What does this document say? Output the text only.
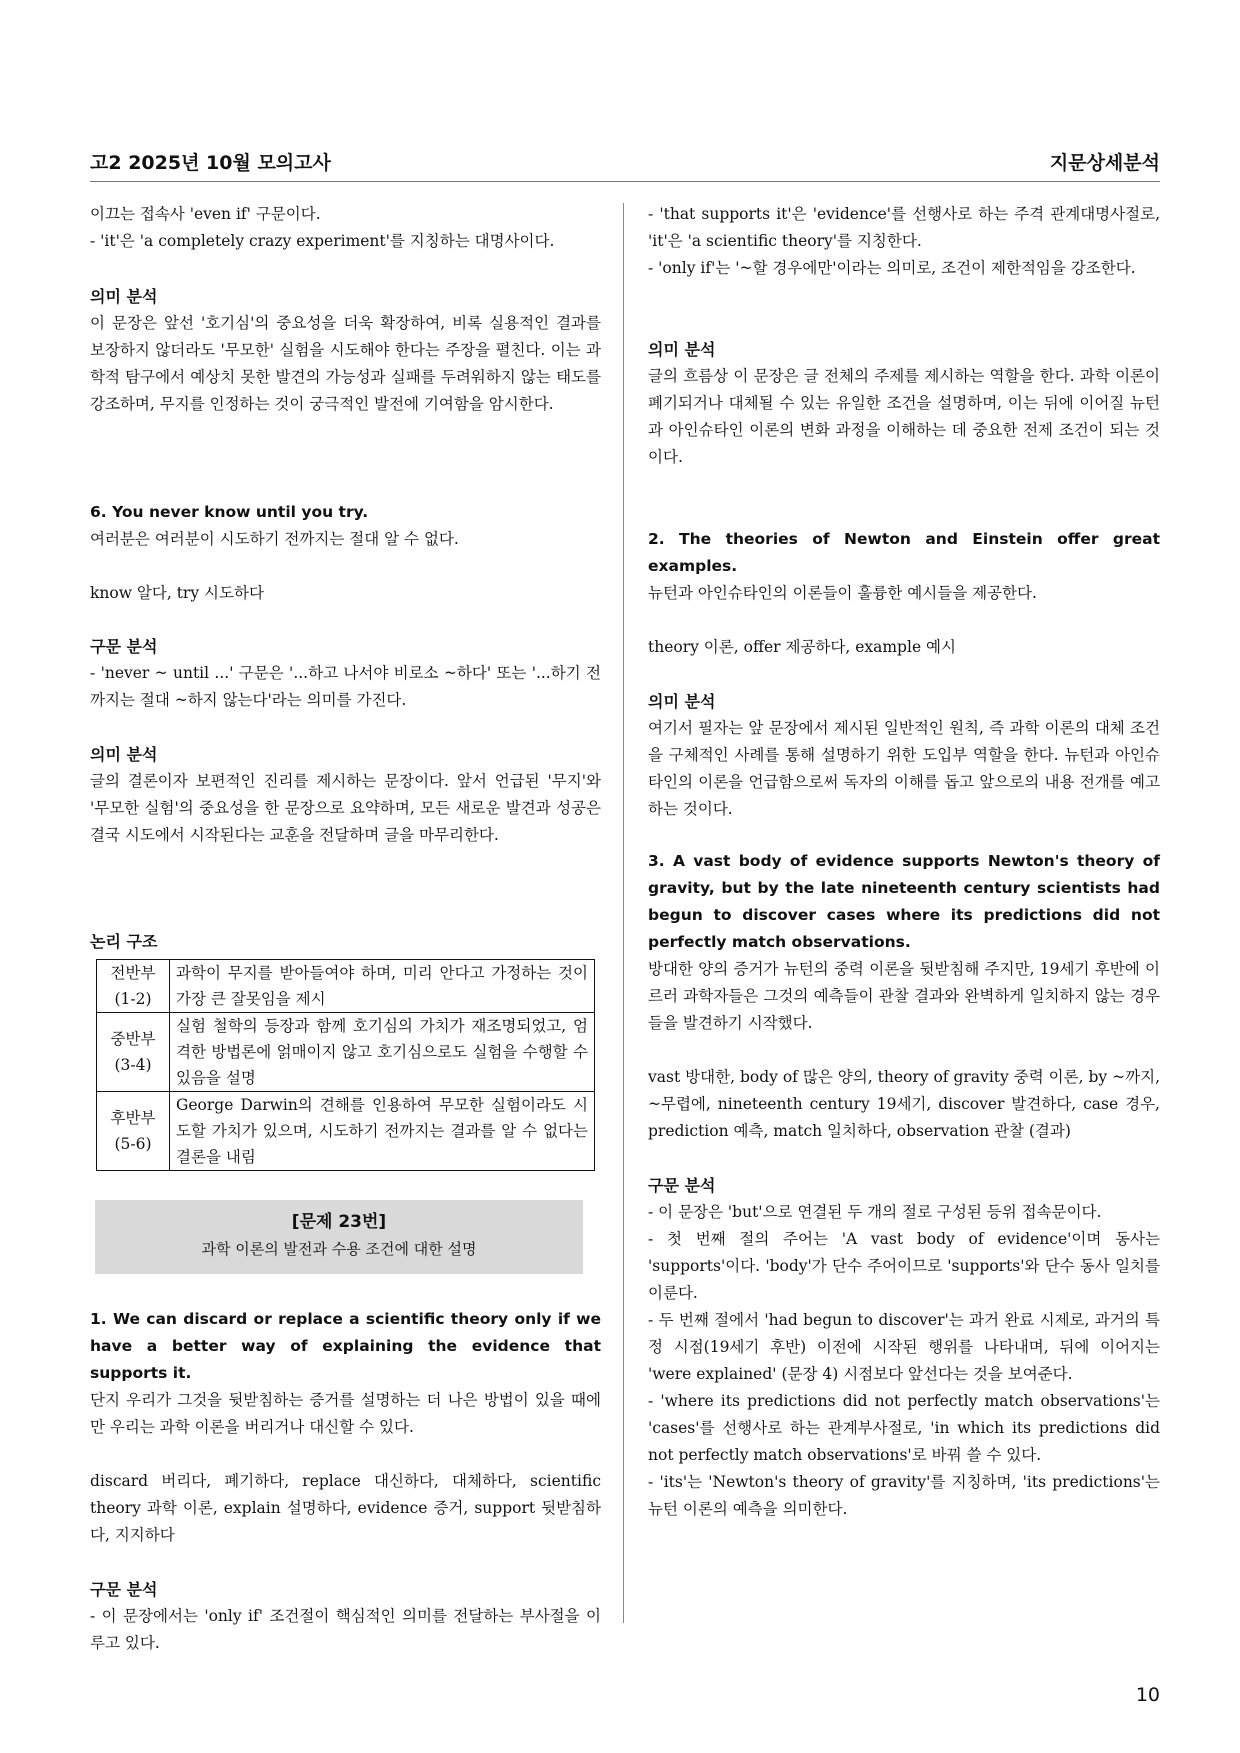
고2 2025년 10월 모의고사	지문상세분석
이끄는 접속사 'even if' 구문이다.
- 'it'은 'a completely crazy experiment'를 지칭하는 대명사이다.
의미 분석
이 문장은 앞선 '호기심'의 중요성을 더욱 확장하여, 비록 실용적인 결과를 보장하지 않더라도 '무모한' 실험을 시도해야 한다는 주장을 펼친다. 이는 과학적 탐구에서 예상치 못한 발견의 가능성과 실패를 두려워하지 않는 태도를 강조하며, 무지를 인정하는 것이 궁극적인 발전에 기여함을 암시한다.
6. You never know until you try.
여러분은 여러분이 시도하기 전까지는 절대 알 수 없다.
know 알다, try 시도하다
구문 분석
- 'never ~ until ...' 구문은 '...하고 나서야 비로소 ~하다' 또는 '...하기 전까지는 절대 ~하지 않는다'라는 의미를 가진다.
의미 분석
글의 결론이자 보편적인 진리를 제시하는 문장이다. 앞서 언급된 '무지'와 '무모한 실험'의 중요성을 한 문장으로 요약하며, 모든 새로운 발견과 성공은 결국 시도에서 시작된다는 교훈을 전달하며 글을 마무리한다.
논리 구조
전반부
(1-2)	과학이 무지를 받아들여야 하며, 미리 안다고 가정하는 것이 가장 큰 잘못임을 제시
중반부
(3-4)	실험 철학의 등장과 함께 호기심의 가치가 재조명되었고, 엄격한 방법론에 얽매이지 않고 호기심으로도 실험을 수행할 수 있음을 설명
후반부
(5-6)	George Darwin의 견해를 인용하여 무모한 실험이라도 시도할 가치가 있으며, 시도하기 전까지는 결과를 알 수 없다는 결론을 내림
[문제 23번]
과학 이론의 발전과 수용 조건에 대한 설명
1. We can discard or replace a scientific theory only if we have a better way of explaining the evidence that supports it.
단지 우리가 그것을 뒷받침하는 증거를 설명하는 더 나은 방법이 있을 때에만 우리는 과학 이론을 버리거나 대신할 수 있다.
discard 버리다, 폐기하다, replace 대신하다, 대체하다, scientific theory 과학 이론, explain 설명하다, evidence 증거, support 뒷받침하다, 지지하다
구문 분석
- 이 문장에서는 'only if' 조건절이 핵심적인 의미를 전달하는 부사절을 이루고 있다.
- 'that supports it'은 'evidence'를 선행사로 하는 주격 관계대명사절로, 'it'은 'a scientific theory'를 지칭한다.
- 'only if'는 '~할 경우에만'이라는 의미로, 조건이 제한적임을 강조한다.
의미 분석
글의 흐름상 이 문장은 글 전체의 주제를 제시하는 역할을 한다. 과학 이론이 폐기되거나 대체될 수 있는 유일한 조건을 설명하며, 이는 뒤에 이어질 뉴턴과 아인슈타인 이론의 변화 과정을 이해하는 데 중요한 전제 조건이 되는 것이다.
2. The theories of Newton and Einstein offer great examples.
뉴턴과 아인슈타인의 이론들이 훌륭한 예시들을 제공한다.
theory 이론, offer 제공하다, example 예시
의미 분석
여기서 필자는 앞 문장에서 제시된 일반적인 원칙, 즉 과학 이론의 대체 조건을 구체적인 사례를 통해 설명하기 위한 도입부 역할을 한다. 뉴턴과 아인슈타인의 이론을 언급함으로써 독자의 이해를 돕고 앞으로의 내용 전개를 예고하는 것이다.
3. A vast body of evidence supports Newton's theory of gravity, but by the late nineteenth century scientists had begun to discover cases where its predictions did not perfectly match observations.
방대한 양의 증거가 뉴턴의 중력 이론을 뒷받침해 주지만, 19세기 후반에 이르러 과학자들은 그것의 예측들이 관찰 결과와 완벽하게 일치하지 않는 경우들을 발견하기 시작했다.
vast 방대한, body of 많은 양의, theory of gravity 중력 이론, by ~까지, ~무렵에, nineteenth century 19세기, discover 발견하다, case 경우, prediction 예측, match 일치하다, observation 관찰 (결과)
구문 분석
- 이 문장은 'but'으로 연결된 두 개의 절로 구성된 등위 접속문이다.
- 첫 번째 절의 주어는 'A vast body of evidence'이며 동사는 'supports'이다. 'body'가 단수 주어이므로 'supports'와 단수 동사 일치를 이룬다.
- 두 번째 절에서 'had begun to discover'는 과거 완료 시제로, 과거의 특정 시점(19세기 후반) 이전에 시작된 행위를 나타내며, 뒤에 이어지는 'were explained' (문장 4) 시점보다 앞선다는 것을 보여준다.
- 'where its predictions did not perfectly match observations'는 'cases'를 선행사로 하는 관계부사절로, 'in which its predictions did not perfectly match observations'로 바꿔 쓸 수 있다.
- 'its'는 'Newton's theory of gravity'를 지칭하며, 'its predictions'는 뉴턴 이론의 예측을 의미한다.
10
